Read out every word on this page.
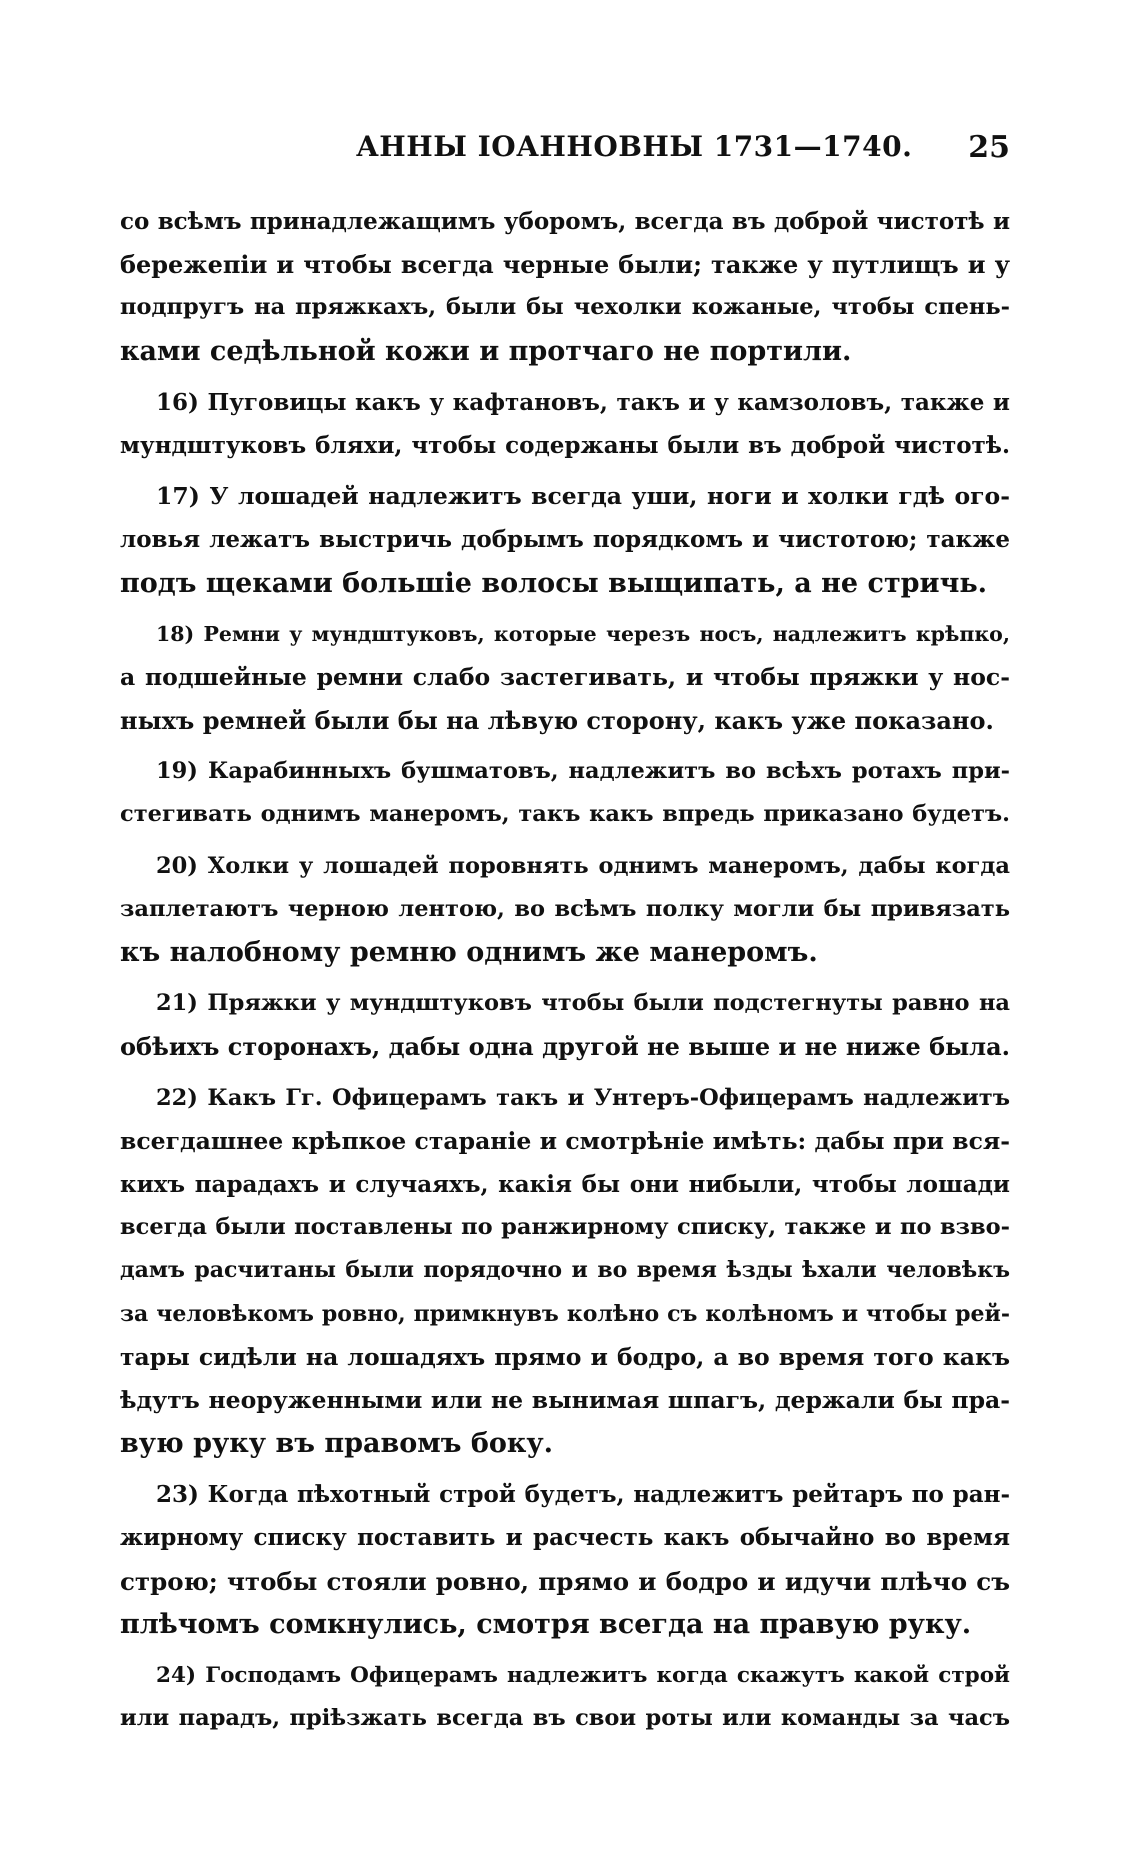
АННЫ ІОАННОВНЫ 1731—1740. 25
со всѣмъ принадлежащимъ уборомъ, всегда въ доброй чистотѣ и
бережепіи и чтобы всегда черные были; также у путлищъ и у
подпругъ на пряжкахъ, были бы чехолки кожаные, чтобы спень-
ками седѣльной кожи и протчаго не портили.
16) Пуговицы какъ у кафтановъ, такъ и у камзоловъ, также и
мундштуковъ бляхи, чтобы содержаны были въ доброй чистотѣ.
17) У лошадей надлежитъ всегда уши, ноги и холки гдѣ ого-
ловья лежатъ выстричь добрымъ порядкомъ и чистотою; также
подъ щеками большіе волосы выщипать, а не стричь.
18) Ремни у мундштуковъ, которые черезъ носъ, надлежитъ крѣпко,
а подшейные ремни слабо застегивать, и чтобы пряжки у нос-
ныхъ ремней были бы на лѣвую сторону, какъ уже показано.
19) Карабинныхъ бушматовъ, надлежитъ во всѣхъ ротахъ при-
стегивать однимъ манеромъ, такъ какъ впредь приказано будетъ.
20) Холки у лошадей поровнять однимъ манеромъ, дабы когда
заплетаютъ черною лентою, во всѣмъ полку могли бы привязать
къ налобному ремню однимъ же манеромъ.
21) Пряжки у мундштуковъ чтобы были подстегнуты равно на
обѣихъ сторонахъ, дабы одна другой не выше и не ниже была.
22) Какъ Гг. Офицерамъ такъ и Унтеръ-Офицерамъ надлежитъ
всегдашнее крѣпкое стараніе и смотрѣніе имѣть: дабы при вся-
кихъ парадахъ и случаяхъ, какія бы они нибыли, чтобы лошади
всегда были поставлены по ранжирному списку, также и по взво-
дамъ расчитаны были порядочно и во время ѣзды ѣхали человѣкъ
за человѣкомъ ровно, примкнувъ колѣно съ колѣномъ и чтобы рей-
тары сидѣли на лошадяхъ прямо и бодро, а во время того какъ
ѣдутъ неоруженными или не вынимая шпагъ, держали бы пра-
вую руку въ правомъ боку.
23) Когда пѣхотный строй будетъ, надлежитъ рейтаръ по ран-
жирному списку поставить и расчесть какъ обычайно во время
строю; чтобы стояли ровно, прямо и бодро и идучи плѣчо съ
плѣчомъ сомкнулись, смотря всегда на правую руку.
24) Господамъ Офицерамъ надлежитъ когда скажутъ какой строй
или парадъ, пріѣзжать всегда въ свои роты или команды за часъ
